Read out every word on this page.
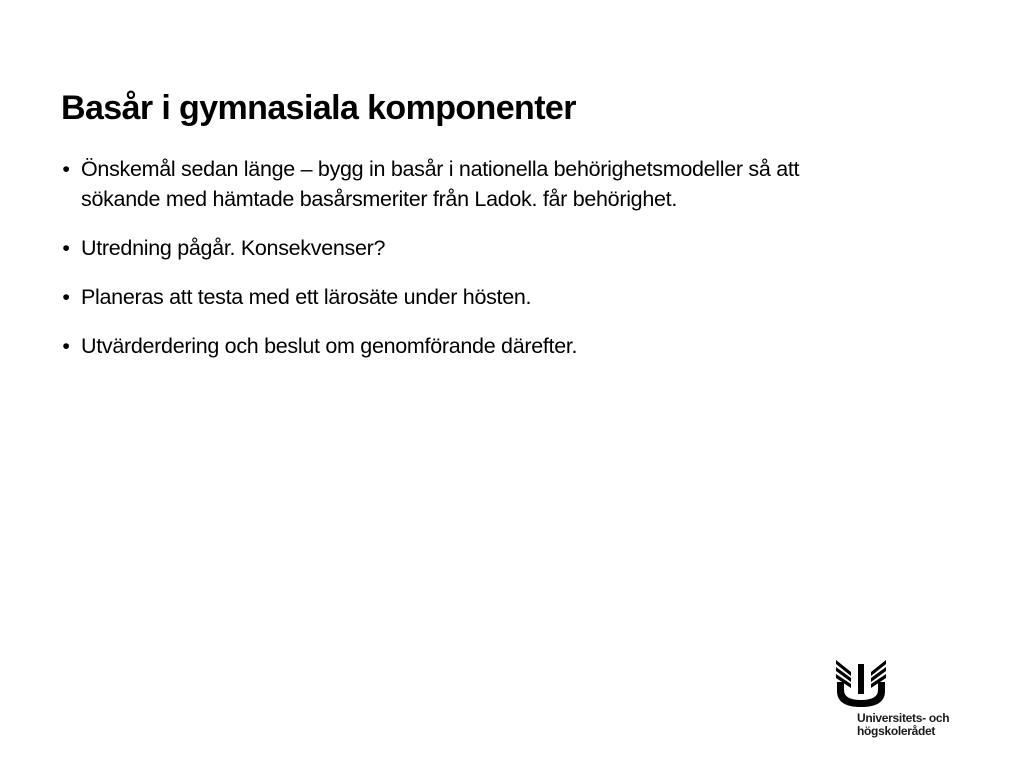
Basår i gymnasiala komponenter
• Önskemål sedan länge – bygg in basår i nationella behörighetsmodeller så att sökande med hämtade basårsmeriter från Ladok. får behörighet.
• Utredning pågår. Konsekvenser?
• Planeras att testa med ett lärosäte under hösten.
• Utvärderdering och beslut om genomförande därefter.
Universitets- och
högskolerådet
